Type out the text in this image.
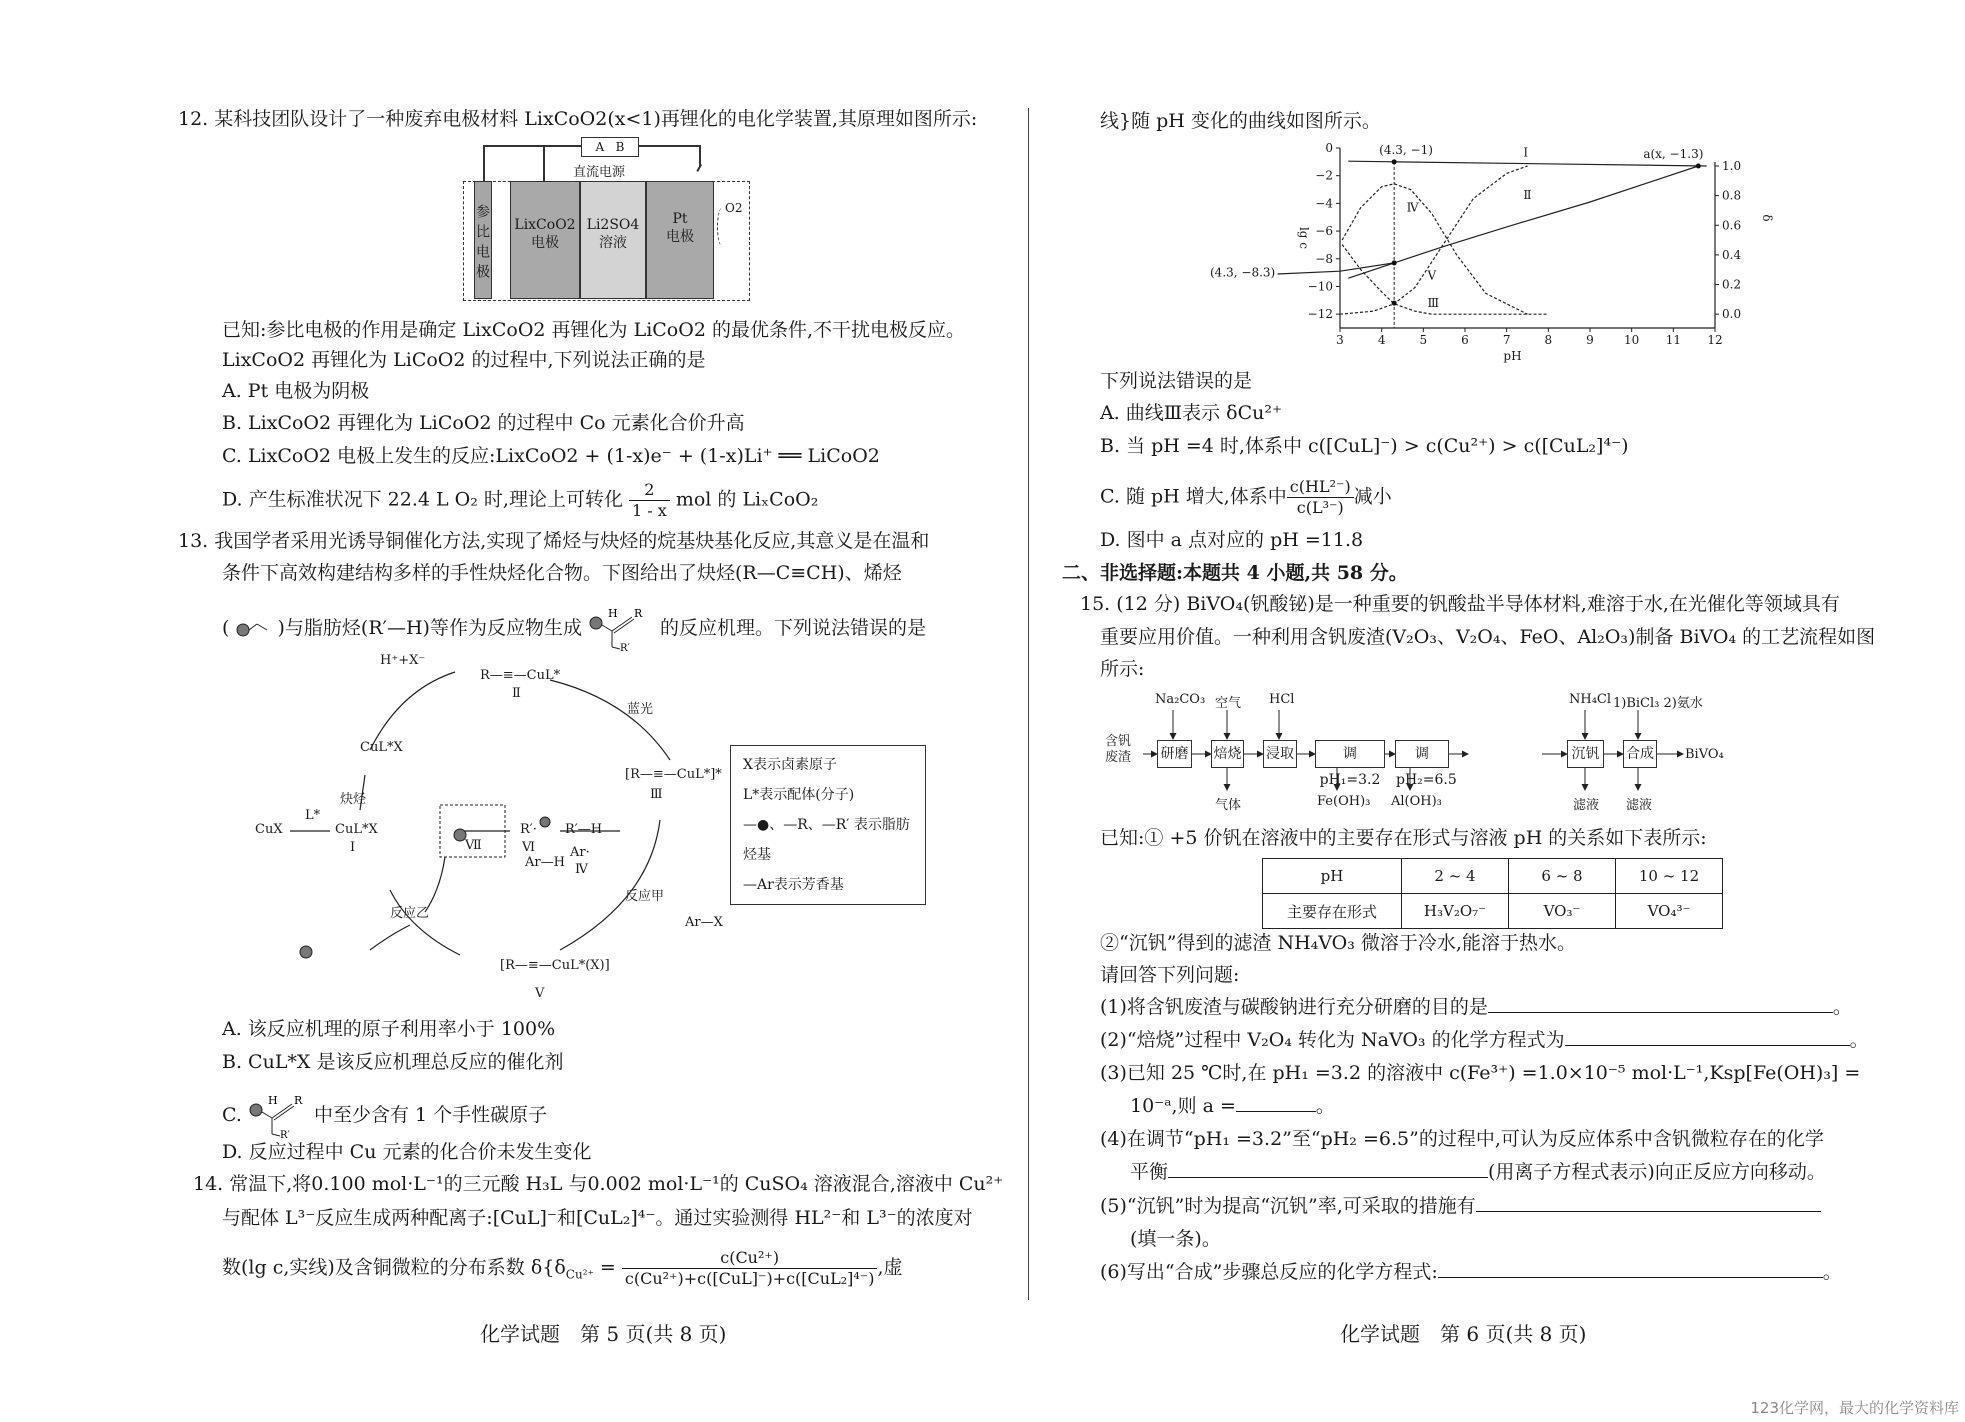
12. 某科技团队设计了一种废弃电极材料 LixCoO2(x<1)再锂化的电化学装置,其原理如图所示:
A B
直流电源
参比电极 LixCoO2
电极
Li2SO4
溶液
Pt
电极
O2
已知:参比电极的作用是确定 LixCoO2 再锂化为 LiCoO2 的最优条件,不干扰电极反应。
LixCoO2 再锂化为 LiCoO2 的过程中,下列说法正确的是
A. Pt 电极为阴极
B. LixCoO2 再锂化为 LiCoO2 的过程中 Co 元素化合价升高
C. LixCoO2 电极上发生的反应:LixCoO2 + (1-x)e⁻ + (1-x)Li⁺ ══ LiCoO2
D. 产生标准状况下 22.4 L O₂ 时,理论上可转化 $\frac{2}{1 - x}$ mol 的 LiₓCoO₂
13. 我国学者采用光诱导铜催化方法,实现了烯烃与炔烃的烷基炔基化反应,其意义是在温和
条件下高效构建结构多样的手性炔烃化合物。下图给出了炔烃(R—C≡CH)、烯烃
(	)与脂肪烃(R′—H)等作为反应物生成
H R
R′
的反应机理。下列说法错误的是
H⁺+X⁻
R—≡—CuL*
Ⅱ
蓝光
[R—≡—CuL*]*
Ⅲ
CuL*X
炔烃
CuX
L*
CuL*X
Ⅰ	Ⅶ
R′·
Ⅵ
R′—H
Ar—H
Ar·
Ⅳ
反应甲
Ar—X
反应乙
[R—≡—CuL*(X)]
Ⅴ
X表示卤素原子
L*表示配体(分子)
—●、—R、—R′ 表示脂肪烃基
—Ar表示芳香基
A. 该反应机理的原子利用率小于 100%
B. CuL*X 是该反应机理总反应的催化剂
C.
H R
R′
中至少含有 1 个手性碳原子
D. 反应过程中 Cu 元素的化合价未发生变化
14. 常温下,将0.100 mol·L⁻¹的三元酸 H₃L 与0.002 mol·L⁻¹的 CuSO₄ 溶液混合,溶液中 Cu²⁺
与配体 L³⁻反应生成两种配离子:[CuL]⁻和[CuL₂]⁴⁻。通过实验测得 HL²⁻和 L³⁻的浓度对
数(lg c,实线)及含铜微粒的分布系数 $\delta\{\delta_{Cu^{2+}} = \frac{\text{c(Cu²⁺)}}{\text{c(Cu²⁺)+c([CuL]⁻)+c([CuL₂]⁴⁻)}}$ ,虚
化学试题　第 5 页(共 8 页)
线}随 pH 变化的曲线如图所示。
3	4	5	6	7	8	9	10 11 12
0
−2
−4
−6
−8
−10
−12
1.0
0.8
0.6
0.4
0.2
0.0
pH
lg c
δ
Ⅰ
Ⅱ
Ⅳ
Ⅴ
Ⅲ
(4.3, −1)
(4.3, −8.3)
a(x, −1.3)
下列说法错误的是
A. 曲线Ⅲ表示 δCu²⁺
B. 当 pH =4 时,体系中 c([CuL]⁻) > c(Cu²⁺) > c([CuL₂]⁴⁻)
C. 随 pH 增大,体系中 $\frac{\text{c(HL²⁻)}}{\text{c(L³⁻)}}$ 减小
D. 图中 a 点对应的 pH =11.8
二、非选择题:本题共 4 小题,共 58 分。
15. (12 分) BiVO₄(钒酸铋)是一种重要的钒酸盐半导体材料,难溶于水,在光催化等领域具有
重要应用价值。一种利用含钒废渣(V₂O₃、V₂O₄、FeO、Al₂O₃)制备 BiVO₄ 的工艺流程如图
所示:
含钒
废渣 研磨 焙烧 浸取	调pH₁=3.2
调pH₂=6.5
沉钒	合成 BiVO₄
Na₂CO₃ 空气 HCl	NH₄Cl 1)BiCl₃ 2)氨水
气体	Fe(OH)₃ Al(OH)₃	滤液 滤液
已知:① +5 价钒在溶液中的主要存在形式与溶液 pH 的关系如下表所示:
pH	2 ~ 4	6 ~ 8	10 ~ 12
主要存在形式	H₃V₂O₇⁻	VO₃⁻	VO₄³⁻
②“沉钒”得到的滤渣 NH₄VO₃ 微溶于冷水,能溶于热水。
请回答下列问题:
(1)将含钒废渣与碳酸钠进行充分研磨的目的是	。
(2)“焙烧”过程中 V₂O₄ 转化为 NaVO₃ 的化学方程式为	。
(3)已知 25 ℃时,在 pH₁ =3.2 的溶液中 c(Fe³⁺) =1.0×10⁻⁵ mol·L⁻¹,Ksp[Fe(OH)₃] =
10⁻ᵃ,则 a =	。
(4)在调节“pH₁ =3.2”至“pH₂ =6.5”的过程中,可认为反应体系中含钒微粒存在的化学
平衡	(用离子方程式表示)向正反应方向移动。
(5)“沉钒”时为提高“沉钒”率,可采取的措施有
(填一条)。
(6)写出“合成”步骤总反应的化学方程式:	。
化学试题　第 6 页(共 8 页)
123化学网，最大的化学资料库
